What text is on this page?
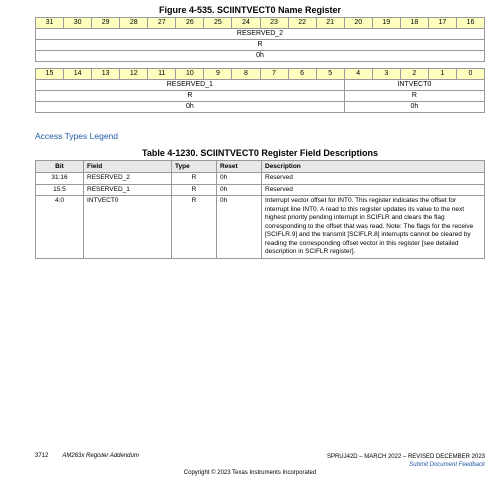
Figure 4-535. SCIINTVECT0 Name Register
31	30	29	28	27	26	25	24	23	22	21	20	19	18	17	16
RESERVED_2
R
0h
15	14	13	12	11	10	9	8	7	6	5	4	3	2	1	0
RESERVED_1											INTVECT0				
R											R				
0h											0h				
Access Types Legend
Table 4-1230. SCIINTVECT0 Register Field Descriptions
Bit	Field	Type	Reset	Description
31:16	RESERVED_2	R	0h	Reserved
15:5	RESERVED_1	R	0h	Reserved
4:0	INTVECT0	R	0h	Interrupt vector offset for INT0. This register indicates the offset for interrupt line INT0. A read to this register updates its value to the next highest priority pending interrupt in SCIFLR and clears the flag corresponding to the offset that was read. Note: The flags for the receive [SCIFLR.9] and the transmit [SCIFLR.8] interrupts cannot be cleared by reading the corresponding offset vector in this register [see detailed description in SCIFLR register].
3712 AM263x Register Addendum	SPRUJ42D – MARCH 2022 – REVISED DECEMBER 2023
Submit Document Feedback
Copyright © 2023 Texas Instruments Incorporated
